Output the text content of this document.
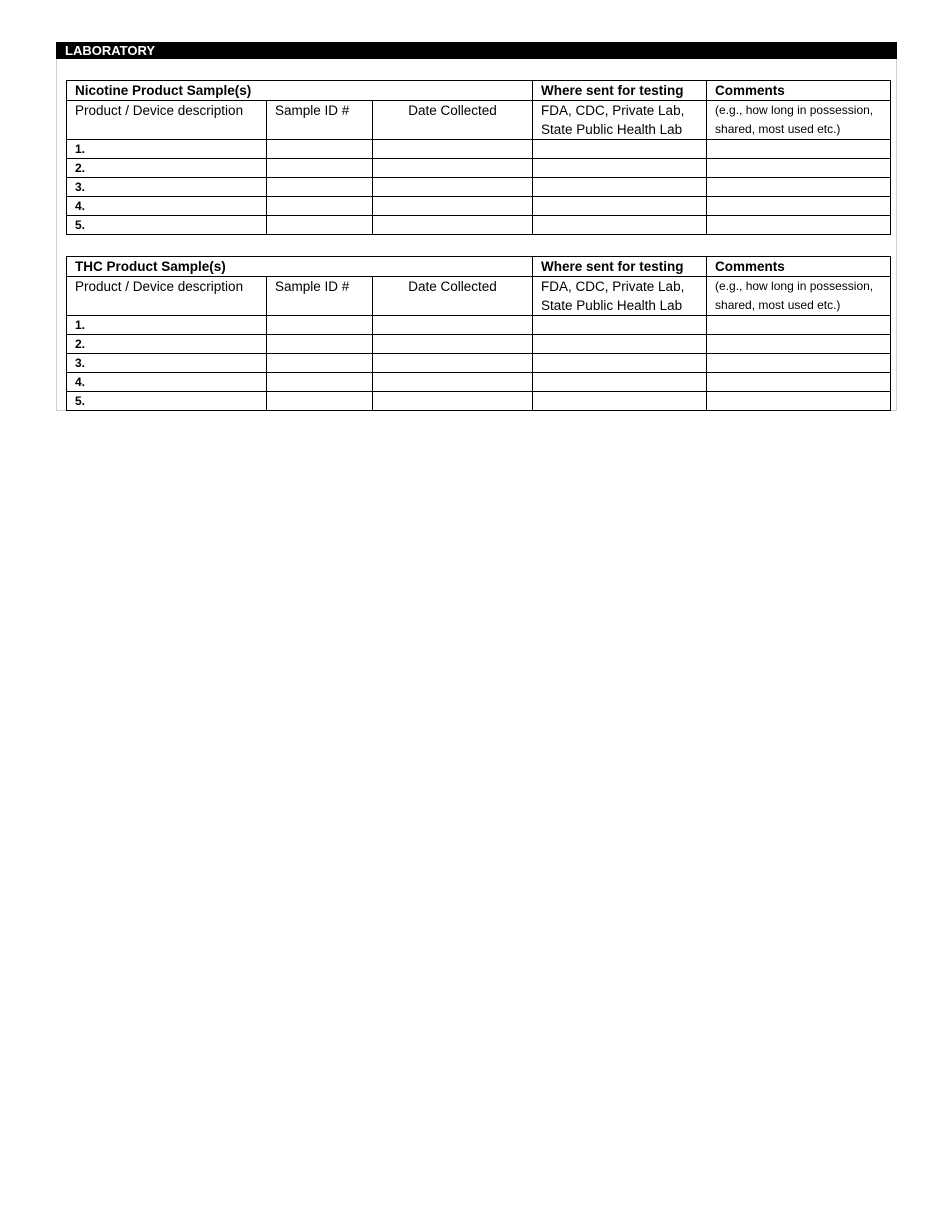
LABORATORY
Nicotine Product Sample(s)			Where sent for testing	Comments
Product / Device description	Sample ID #	Date Collected	FDA, CDC, Private Lab, State Public Health Lab	(e.g., how long in possession, shared, most used etc.)
1.				
2.				
3.				
4.				
5.				
THC Product Sample(s)			Where sent for testing	Comments
Product / Device description	Sample ID #	Date Collected	FDA, CDC, Private Lab, State Public Health Lab	(e.g., how long in possession, shared, most used etc.)
1.				
2.				
3.				
4.				
5.				
